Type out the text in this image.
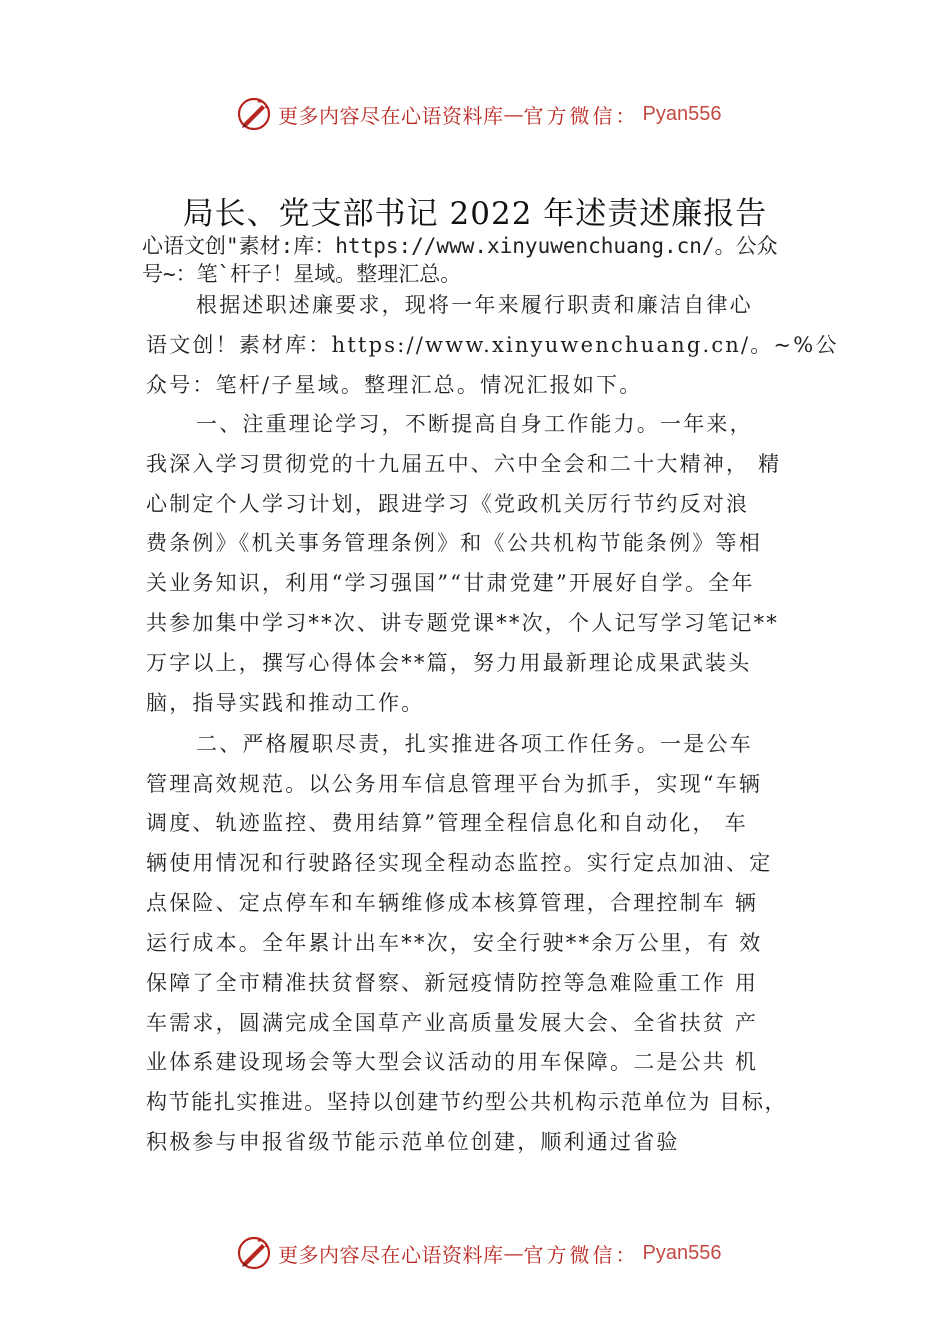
更多内容尽在心语资料库 — 官方微信： Pyan556
局长、党支部书记 2022 年述责述廉报告
心语文创"素材:库：https://www.xinyuwenchuang.cn/。公众
号~：笔`杆子！星域。整理汇总。
根据述职述廉要求，现将一年来履行职责和廉洁自律心
语文创！素材库：https://www.xinyuwenchuang.cn/。~%公
众号：笔杆/子星域。整理汇总。情况汇报如下。
一、注重理论学习，不断提高自身工作能力。一年来，
我深入学习贯彻党的十九届五中、六中全会和二十大精神， 精
心制定个人学习计划，跟进学习《党政机关厉行节约反对浪
费条例》《机关事务管理条例》和《公共机构节能条例》等相
关业务知识，利用“学习强国”“甘肃党建”开展好自学。全年
共参加集中学习**次、讲专题党课**次，个人记写学习笔记**
万字以上，撰写心得体会**篇，努力用最新理论成果武装头
脑，指导实践和推动工作。
二、严格履职尽责，扎实推进各项工作任务。一是公车
管理高效规范。以公务用车信息管理平台为抓手，实现“车辆
调度、轨迹监控、费用结算”管理全程信息化和自动化， 车
辆使用情况和行驶路径实现全程动态监控。实行定点加油、定
点保险、定点停车和车辆维修成本核算管理，合理控制车 辆
运行成本。全年累计出车**次，安全行驶**余万公里，有 效
保障了全市精准扶贫督察、新冠疫情防控等急难险重工作 用
车需求，圆满完成全国草产业高质量发展大会、全省扶贫 产
业体系建设现场会等大型会议活动的用车保障。二是公共 机
构节能扎实推进。坚持以创建节约型公共机构示范单位为 目标，
积极参与申报省级节能示范单位创建，顺利通过省验
更多内容尽在心语资料库 — 官方微信： Pyan556
